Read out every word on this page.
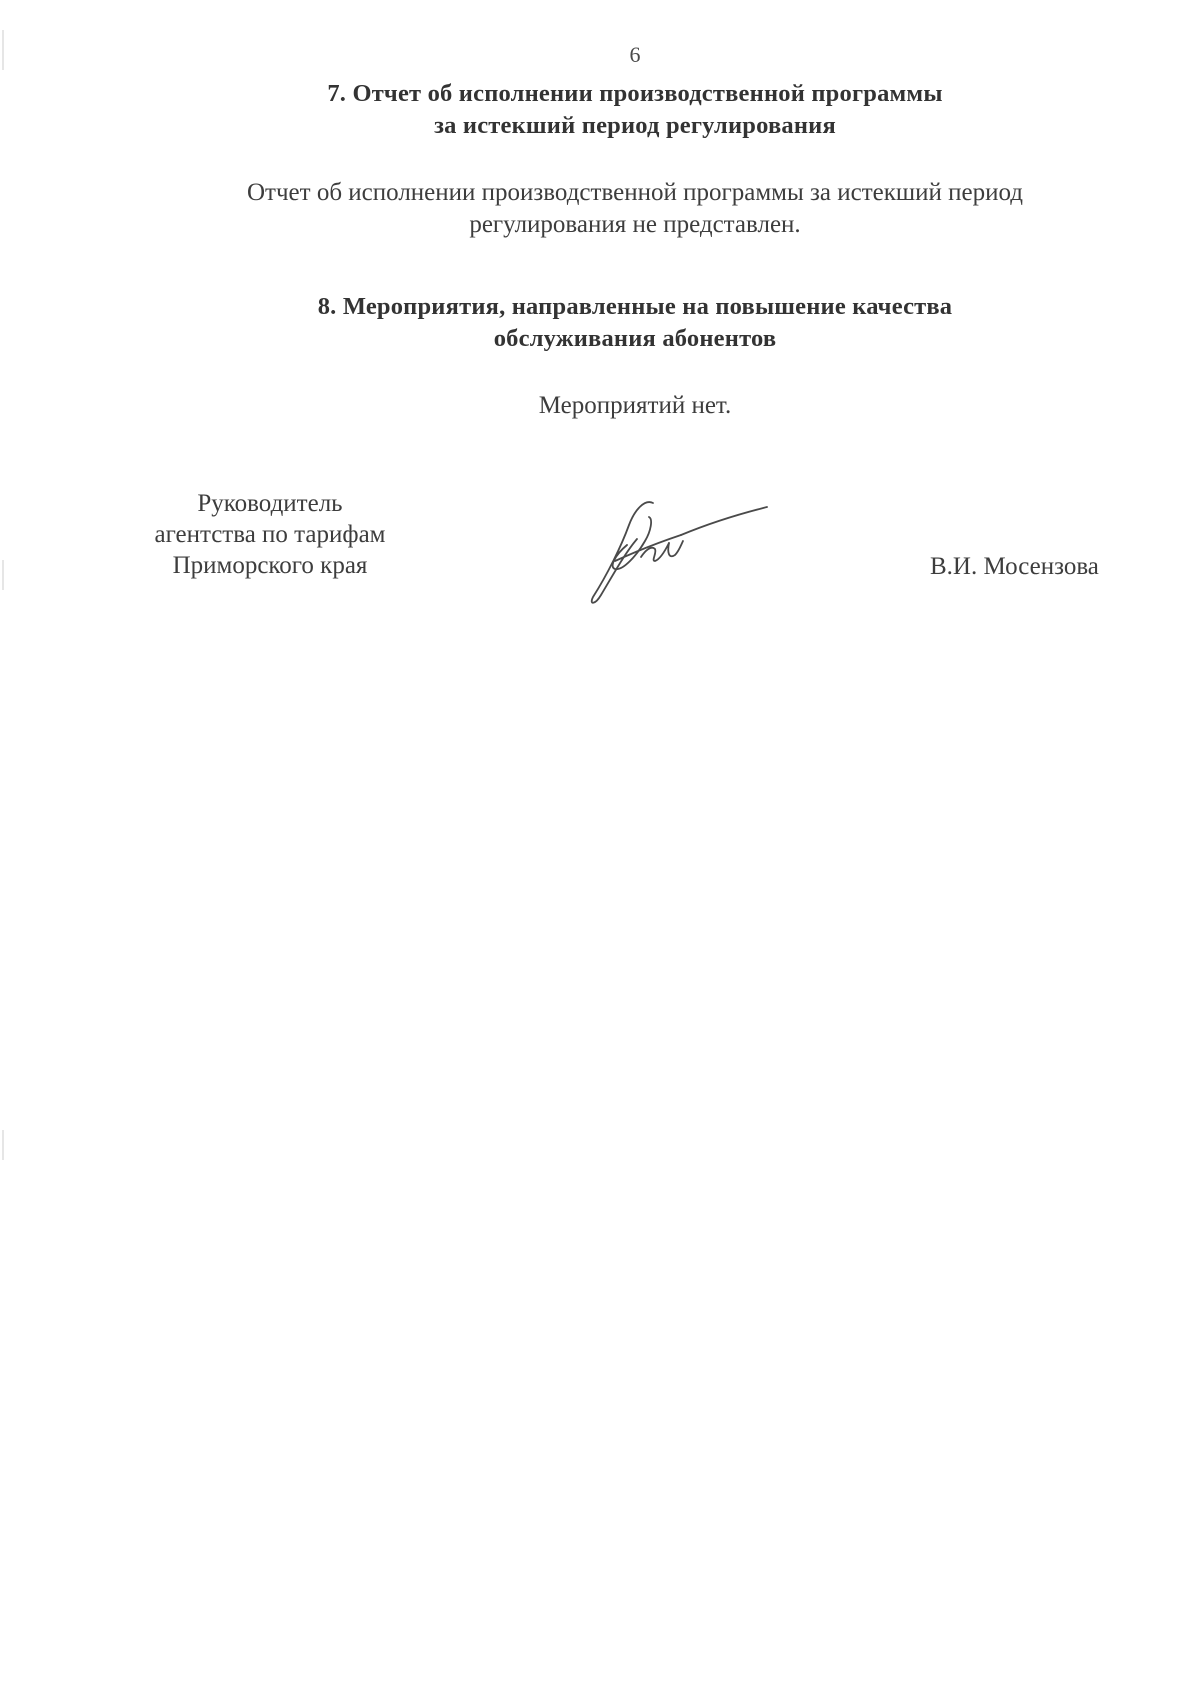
6
7. Отчет об исполнении производственной программы
за истекший период регулирования
Отчет об исполнении производственной программы за истекший период
регулирования не представлен.
8. Мероприятия, направленные на повышение качества
обслуживания абонентов
Мероприятий нет.
Руководитель
агентства по тарифам
Приморского края	В.И. Мосензова
